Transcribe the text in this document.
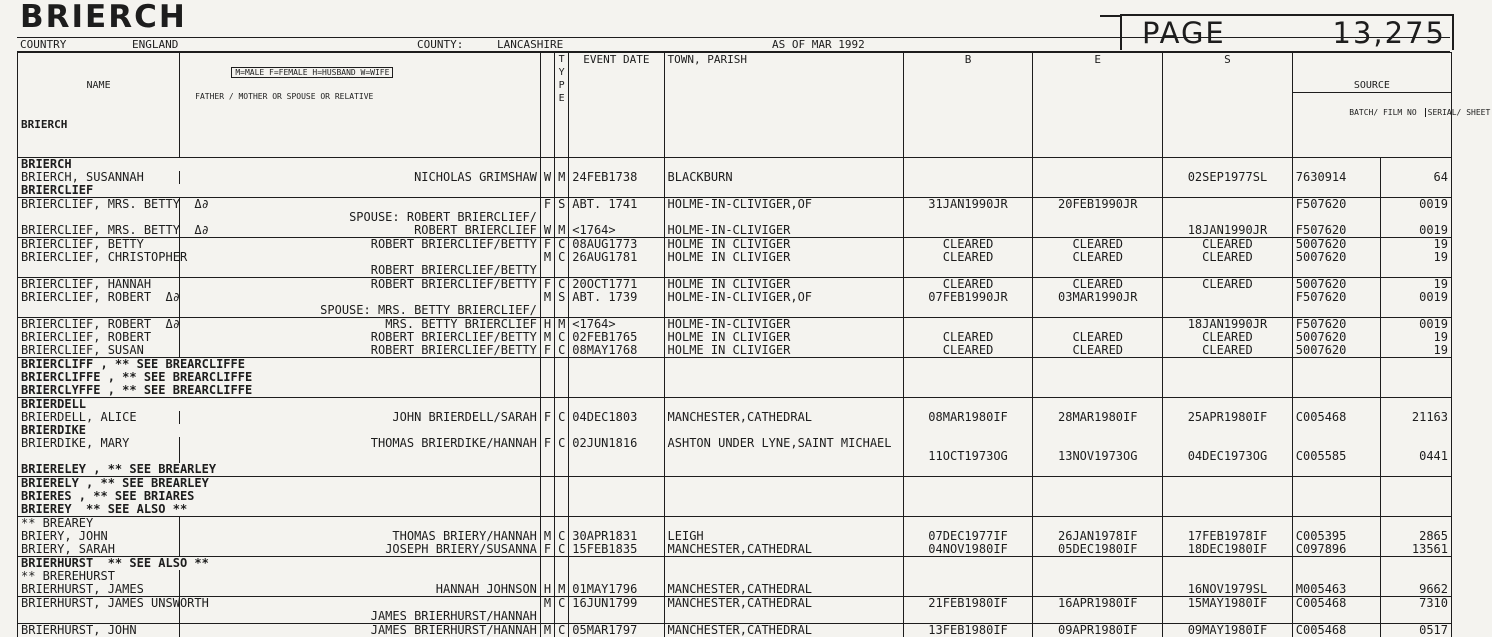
BRIERCH	PAGE	13,275
COUNTRY	ENGLAND	COUNTY:	LANCASHIRE	AS OF MAR 1992

NAME

BRIERCH	M=MALE F=FEMALE H=HUSBAND W=WIFE

FATHER / MOTHER OR SPOUSE OR RELATIVE		T Y P E	EVENT DATE	TOWN, PARISH	B	E	S	SOURCE

BATCH/ FILM NO SERIAL/ SHEET	

BRIERCH										
BRIERCH, SUSANNAH	NICHOLAS GRIMSHAW	W	M	24FEB1738	BLACKBURN			02SEP1977SL	7630914	64
BRIERCLIEF										
BRIERCLIEF, MRS. BETTY  Δ∂		F	S	ABT. 1741	HOLME-IN-CLIVIGER,OF	31JAN1990JR	20FEB1990JR		F507620	0019
	SPOUSE: ROBERT BRIERCLIEF/									
BRIERCLIEF, MRS. BETTY  Δ∂	ROBERT BRIERCLIEF	W	M	<1764>	HOLME-IN-CLIVIGER			18JAN1990JR	F507620	0019
BRIERCLIEF, BETTY	ROBERT BRIERCLIEF/BETTY	F	C	08AUG1773	HOLME IN CLIVIGER	CLEARED	CLEARED	CLEARED	5007620	19
BRIERCLIEF, CHRISTOPHER		M	C	26AUG1781	HOLME IN CLIVIGER	CLEARED	CLEARED	CLEARED	5007620	19
	ROBERT BRIERCLIEF/BETTY									
BRIERCLIEF, HANNAH	ROBERT BRIERCLIEF/BETTY	F	C	20OCT1771	HOLME IN CLIVIGER	CLEARED	CLEARED	CLEARED	5007620	19
BRIERCLIEF, ROBERT  Δ∂		M	S	ABT. 1739	HOLME-IN-CLIVIGER,OF	07FEB1990JR	03MAR1990JR		F507620	0019
	SPOUSE: MRS. BETTY BRIERCLIEF/									
BRIERCLIEF, ROBERT  Δ∂	MRS. BETTY BRIERCLIEF	H	M	<1764>	HOLME-IN-CLIVIGER			18JAN1990JR	F507620	0019
BRIERCLIEF, ROBERT	ROBERT BRIERCLIEF/BETTY	M	C	02FEB1765	HOLME IN CLIVIGER	CLEARED	CLEARED	CLEARED	5007620	19
BRIERCLIEF, SUSAN	ROBERT BRIERCLIEF/BETTY	F	C	08MAY1768	HOLME IN CLIVIGER	CLEARED	CLEARED	CLEARED	5007620	19
BRIERCLIFF , ** SEE BREARCLIFFE										
BRIERCLIFFE , ** SEE BREARCLIFFE										
BRIERCLYFFE , ** SEE BREARCLIFFE										
BRIERDELL										
BRIERDELL, ALICE	JOHN BRIERDELL/SARAH	F	C	04DEC1803	MANCHESTER,CATHEDRAL	08MAR1980IF	28MAR1980IF	25APR1980IF	C005468	21163
BRIERDIKE										
BRIERDIKE, MARY	THOMAS BRIERDIKE/HANNAH	F	C	02JUN1816	ASHTON UNDER LYNE,SAINT MICHAEL					
						11OCT1973OG	13NOV1973OG	04DEC1973OG	C005585	0441
BRIERELEY , ** SEE BREARLEY										
BRIERELY , ** SEE BREARLEY										
BRIERES , ** SEE BRIARES										
BRIEREY  ** SEE ALSO **										
** BREAREY										
BRIERY, JOHN	THOMAS BRIERY/HANNAH	M	C	30APR1831	LEIGH	07DEC1977IF	26JAN1978IF	17FEB1978IF	C005395	2865
BRIERY, SARAH	JOSEPH BRIERY/SUSANNA	F	C	15FEB1835	MANCHESTER,CATHEDRAL	04NOV1980IF	05DEC1980IF	18DEC1980IF	C097896	13561
BRIERHURST  ** SEE ALSO **										
** BREREHURST										
BRIERHURST, JAMES	HANNAH JOHNSON	H	M	01MAY1796	MANCHESTER,CATHEDRAL			16NOV1979SL	M005463	9662
BRIERHURST, JAMES UNSWORTH		M	C	16JUN1799	MANCHESTER,CATHEDRAL	21FEB1980IF	16APR1980IF	15MAY1980IF	C005468	7310
	JAMES BRIERHURST/HANNAH									
BRIERHURST, JOHN	JAMES BRIERHURST/HANNAH	M	C	05MAR1797	MANCHESTER,CATHEDRAL	13FEB1980IF	09APR1980IF	09MAY1980IF	C005468	0517
